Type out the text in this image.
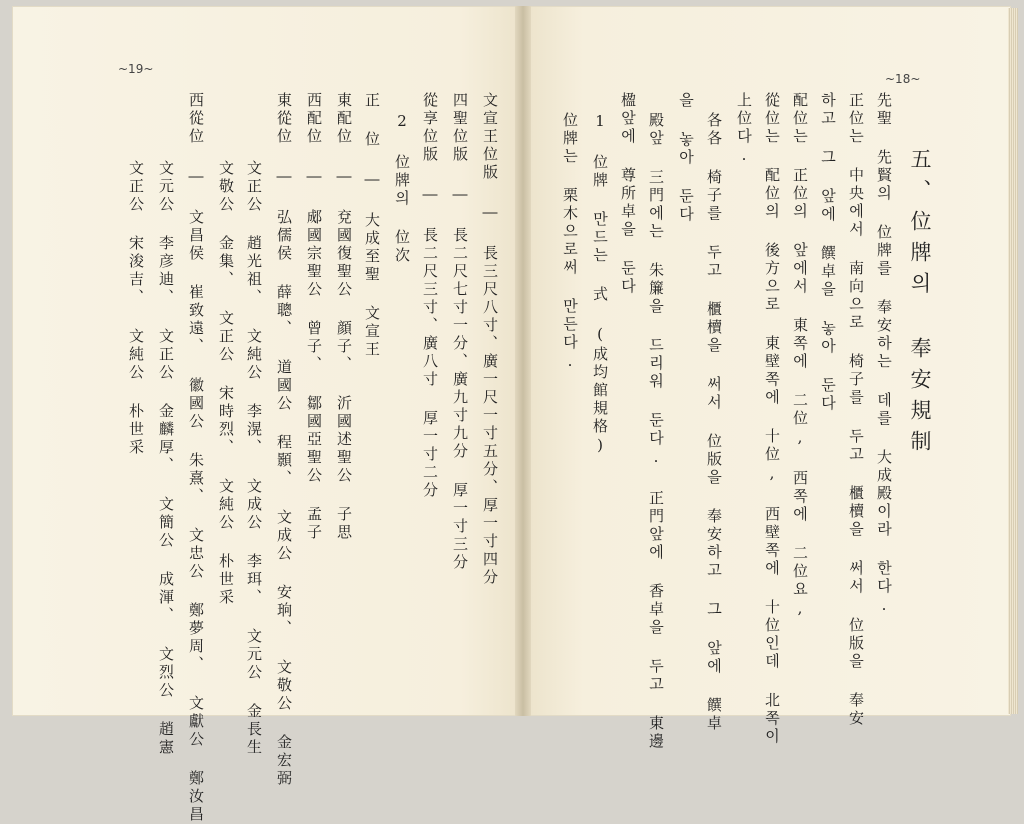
~19~
文宣王位版 ― 長三尺八寸、廣一尺一寸五分、厚一寸四分
四聖位版 ― 長二尺七寸一分、廣九寸九分 厚一寸三分
從享位版 ― 長二尺三寸、廣八寸 厚一寸二分
2 位牌의 位次
正 位 ― 大成至聖 文宣王
東配位 ― 兗國復聖公 顔子、 沂國述聖公 子思
西配位 ― 郕國宗聖公 曾子、 鄒國亞聖公 孟子
東從位 ― 弘儒侯 薛聰、 道國公 程顥、 文成公 安珦、 文敬公 金宏弼
文正公 趙光祖、 文純公 李滉、 文成公 李珥、 文元公 金長生
文敬公 金集、 文正公 宋時烈、 文純公 朴世采
西從位 ― 文昌侯 崔致遠、 徽國公 朱熹、 文忠公 鄭夢周、 文獻公 鄭汝昌
文元公 李彦迪、 文正公 金麟厚、 文簡公 成渾、 文烈公 趙憲
文正公 宋浚吉、 文純公 朴世采
~18~
五、位牌의 奉安規制
先聖 先賢의 位牌를 奉安하는 데를 大成殿이라 한다.
正位는 中央에서 南向으로 椅子를 두고 櫃櫝을 써서 位版을 奉安
하고 그 앞에 饌卓을 놓아 둔다
配位는 正位의 앞에서 東쪽에 二位, 西쪽에 二位요,
從位는 配位의 後方으로 東壁쪽에 十位, 西壁쪽에 十位인데 北쪽이
上位다.
各各 椅子를 두고 櫃櫝을 써서 位版을 奉安하고 그 앞에 饌卓
을 놓아 둔다
殿앞 三門에는 朱簾을 드리워 둔다. 正門앞에 香卓을 두고 東邊
楹앞에 尊所卓을 둔다
1 位牌 만드는 式 (成均館規格)
位牌는 栗木으로써 만든다.
